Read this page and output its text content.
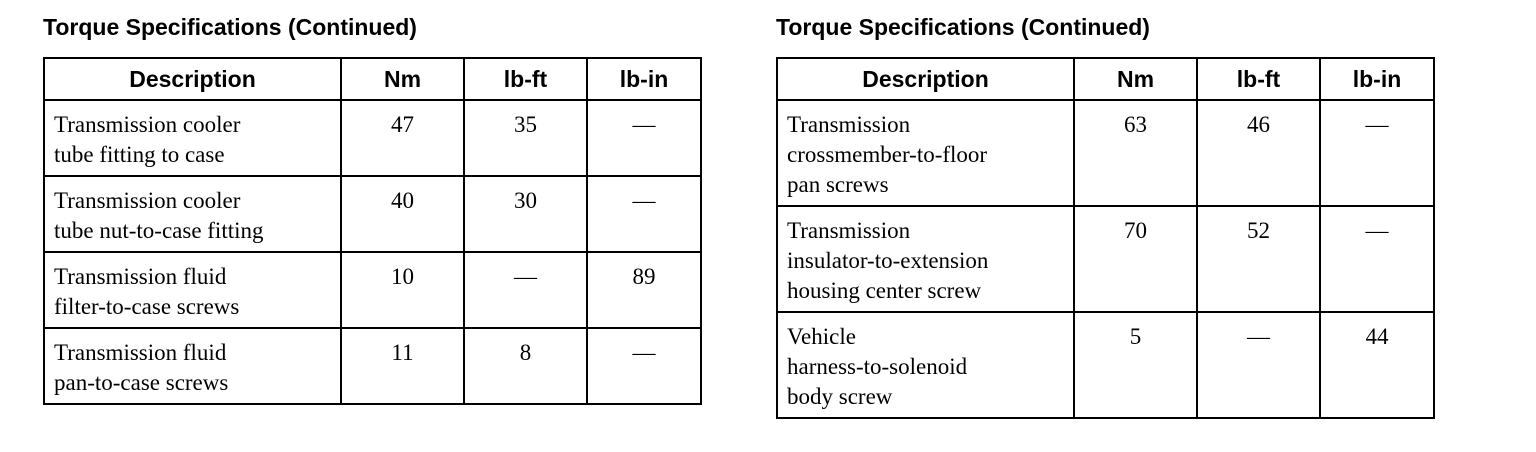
Torque Specifications (Continued)
Description	Nm	lb-ft	lb-in

Transmission cooler
tube fitting to case	47	35	—

Transmission cooler
tube nut-to-case fitting	40	30	—

Transmission fluid
filter-to-case screws	10	—	89

Transmission fluid
pan-to-case screws	11	8	—
Torque Specifications (Continued)
Description	Nm	lb-ft	lb-in

Transmission
crossmember-to-floor
pan screws	63	46	—

Transmission
insulator-to-extension
housing center screw	70	52	—

Vehicle
harness-to-solenoid
body screw	5	—	44
